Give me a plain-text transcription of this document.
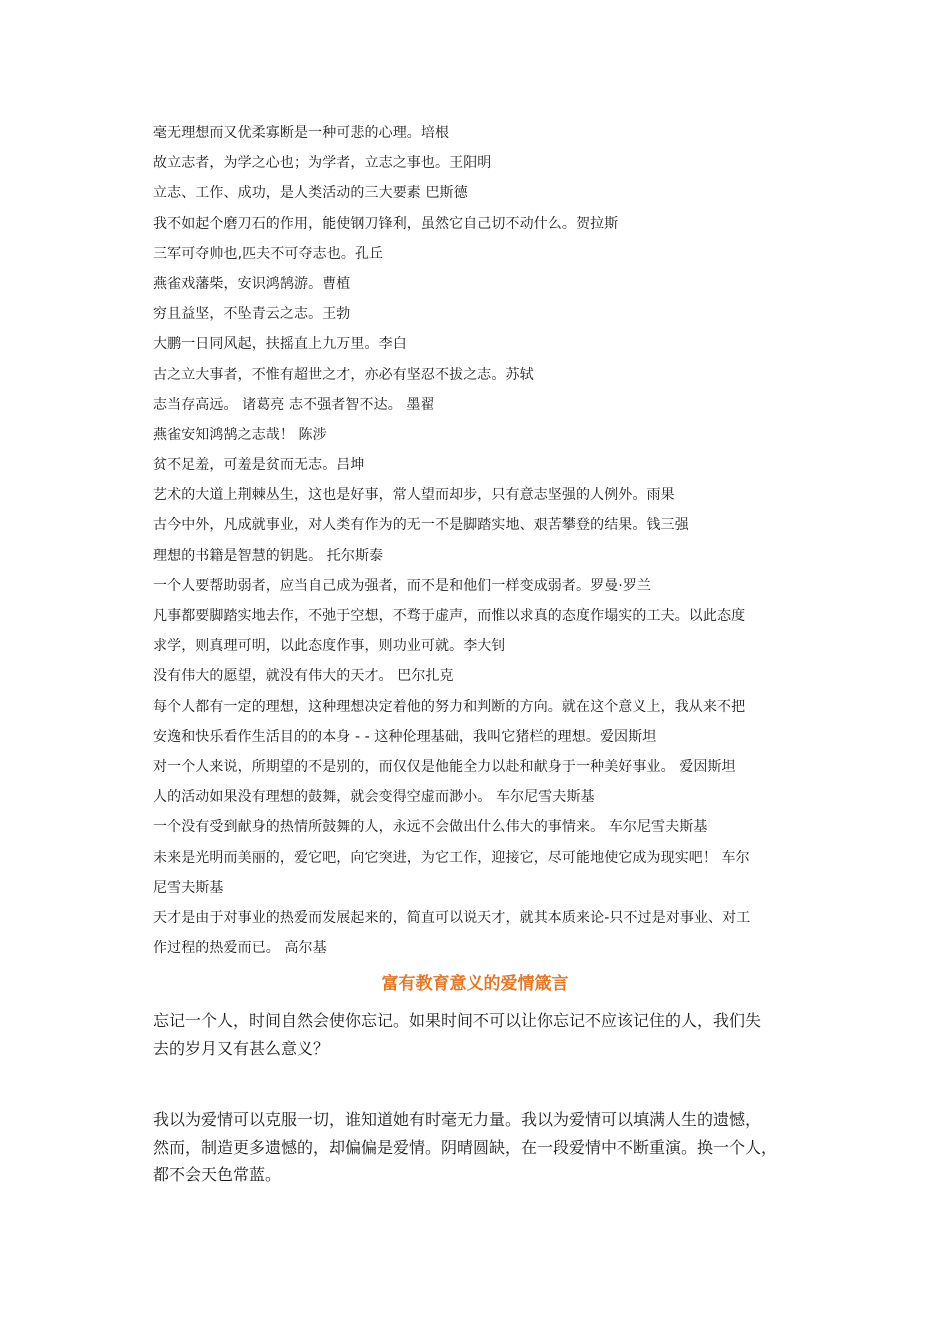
毫无理想而又优柔寡断是一种可悲的心理。培根
故立志者，为学之心也；为学者，立志之事也。王阳明
立志、工作、成功，是人类活动的三大要素 巴斯德
我不如起个磨刀石的作用，能使钢刀锋利，虽然它自己切不动什么。贺拉斯
三军可夺帅也,匹夫不可夺志也。孔丘
燕雀戏藩柴，安识鸿鹄游。曹植
穷且益坚，不坠青云之志。王勃
大鹏一日同风起，扶摇直上九万里。李白
古之立大事者，不惟有超世之才，亦必有坚忍不拔之志。苏轼
志当存高远。 诸葛亮 志不强者智不达。 墨翟
燕雀安知鸿鹄之志哉！ 陈涉
贫不足羞，可羞是贫而无志。吕坤
艺术的大道上荆棘丛生，这也是好事，常人望而却步，只有意志坚强的人例外。雨果
古今中外，凡成就事业，对人类有作为的无一不是脚踏实地、艰苦攀登的结果。钱三强
理想的书籍是智慧的钥匙。 托尔斯泰
一个人要帮助弱者，应当自己成为强者，而不是和他们一样变成弱者。罗曼·罗兰
凡事都要脚踏实地去作，不弛于空想，不骛于虚声，而惟以求真的态度作塌实的工夫。以此态度
求学，则真理可明，以此态度作事，则功业可就。李大钊
没有伟大的愿望，就没有伟大的天才。 巴尔扎克
每个人都有一定的理想，这种理想决定着他的努力和判断的方向。就在这个意义上，我从来不把
安逸和快乐看作生活目的的本身 - - 这种伦理基础，我叫它猪栏的理想。爱因斯坦
对一个人来说，所期望的不是别的，而仅仅是他能全力以赴和献身于一种美好事业。 爱因斯坦
人的活动如果没有理想的鼓舞，就会变得空虚而渺小。 车尔尼雪夫斯基
一个没有受到献身的热情所鼓舞的人，永远不会做出什么伟大的事情来。 车尔尼雪夫斯基
未来是光明而美丽的，爱它吧，向它突进，为它工作，迎接它，尽可能地使它成为现实吧！ 车尔
尼雪夫斯基
天才是由于对事业的热爱而发展起来的，简直可以说天才，就其本质来论-只不过是对事业、对工
作过程的热爱而已。 高尔基
富有教育意义的爱情箴言

忘记一个人，时间自然会使你忘记。如果时间不可以让你忘记不应该记住的人，我们失
去的岁月又有甚么意义？

我以为爱情可以克服一切，谁知道她有时毫无力量。我以为爱情可以填满人生的遗憾，
然而，制造更多遗憾的，却偏偏是爱情。阴晴圆缺，在一段爱情中不断重演。换一个人，
都不会天色常蓝。
